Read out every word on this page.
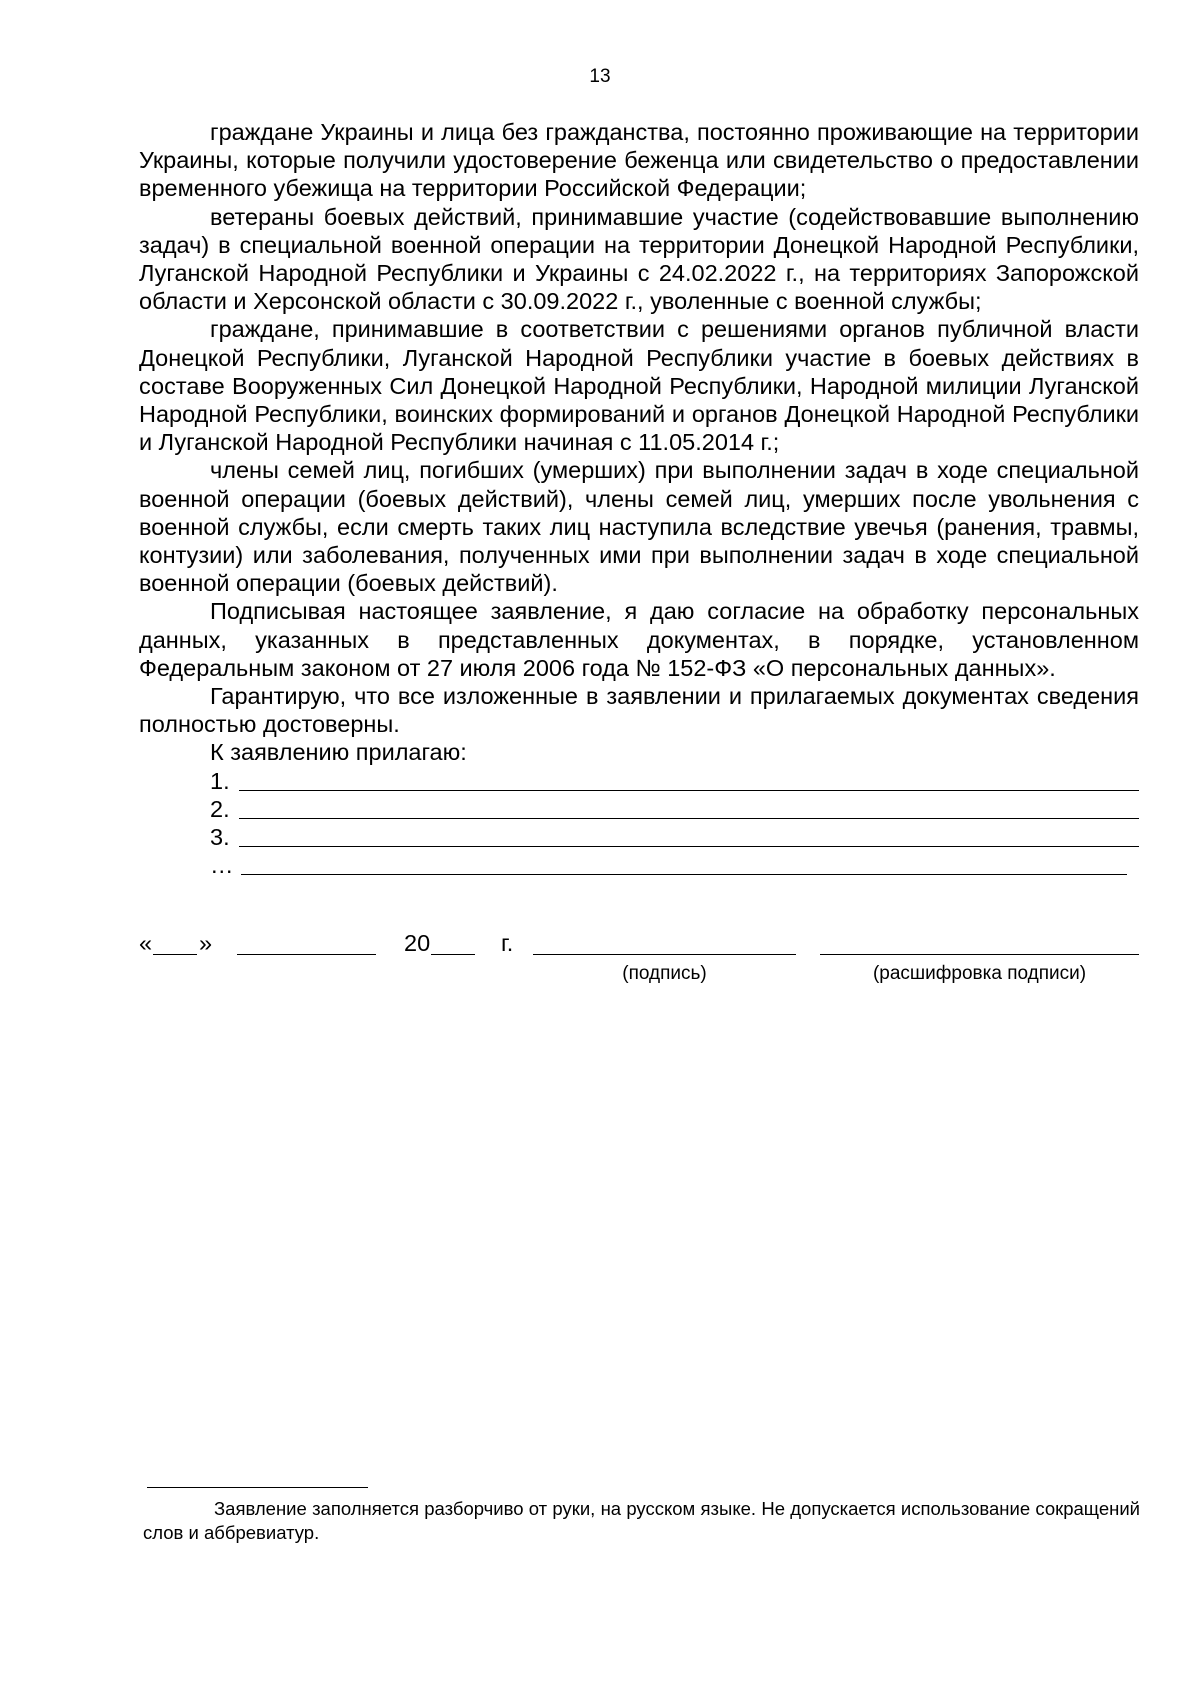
13

граждане Украины и лица без гражданства, постоянно проживающие на территории Украины, которые получили удостоверение беженца или свидетельство о предоставлении временного убежища на территории Российской Федерации;

ветераны боевых действий, принимавшие участие (содействовавшие выполнению задач) в специальной военной операции на территории Донецкой Народной Республики, Луганской Народной Республики и Украины с 24.02.2022 г., на территориях Запорожской области и Херсонской области с 30.09.2022 г., уволенные с военной службы;

граждане, принимавшие в соответствии с решениями органов публичной власти Донецкой Республики, Луганской Народной Республики участие в боевых действиях в составе Вооруженных Сил Донецкой Народной Республики, Народной милиции Луганской Народной Республики, воинских формирований и органов Донецкой Народной Республики и Луганской Народной Республики начиная с 11.05.2014 г.;

члены семей лиц, погибших (умерших) при выполнении задач в ходе специальной военной операции (боевых действий), члены семей лиц, умерших после увольнения с военной службы, если смерть таких лиц наступила вследствие увечья (ранения, травмы, контузии) или заболевания, полученных ими при выполнении задач в ходе специальной военной операции (боевых действий).

Подписывая настоящее заявление, я даю согласие на обработку персональных данных, указанных в представленных документах, в порядке, установленном Федеральным законом от 27 июля 2006 года № 152-ФЗ «О персональных данных».

Гарантирую, что все изложенные в заявлении и прилагаемых документах сведения полностью достоверны.

К заявлению прилагаю:

1.
2.
3.
…
« »	20	г.
(подпись)	(расшифровка подписи)
Заявление заполняется разборчиво от руки, на русском языке. Не допускается использование сокращений слов и аббревиатур.
